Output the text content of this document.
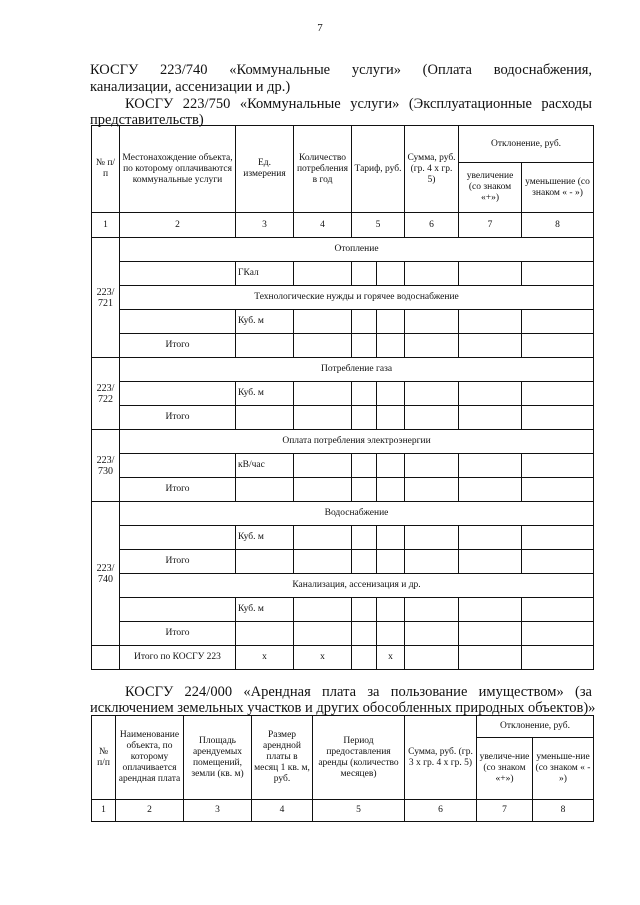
7
КОСГУ 223/740 «Коммунальные услуги» (Оплата водоснабжения,
канализации, ассенизации и др.)
КОСГУ 223/750 «Коммунальные услуги» (Эксплуатационные расходы
представительств)
№ п/п	Местонахождение объекта, по которому оплачиваются коммунальные услуги	Ед. измерения	Количество потребления в год	Тариф, руб.		Сумма, руб. (гр. 4 х гр. 5)	Отклонение, руб.	
							увеличение (со знаком «+»)	уменьшение (со знаком « - »)
1	2	3	4	5		6	7	8
223/ 721	Отопление							
		ГКал						
	Технологические нужды и горячее водоснабжение							
		Куб. м						
	Итого							
223/ 722	Потребление газа							
		Куб. м						
	Итого							
223/ 730	Оплата потребления электроэнергии							
		кВ/час						
	Итого							
223/ 740	Водоснабжение							
		Куб. м						
	Итого							
	Канализация, ассенизация и др.							
		Куб. м						
	Итого							
	Итого по КОСГУ 223	x	x		x			
КОСГУ 224/000 «Арендная плата за пользование имуществом» (за
исключением земельных участков и других обособленных природных объектов)»
№ п/п	Наименование объекта, по которому оплачивается арендная плата	Площадь арендуемых помещений, земли (кв. м)	Размер арендной платы в месяц 1 кв. м, руб.	Период предоставления аренды (количество месяцев)	Сумма, руб. (гр. 3 х гр. 4 х гр. 5)	Отклонение, руб.	
						увеличе-ние (со знаком «+»)	уменьше-ние (со знаком « - »)
1	2	3	4	5	6	7	8
